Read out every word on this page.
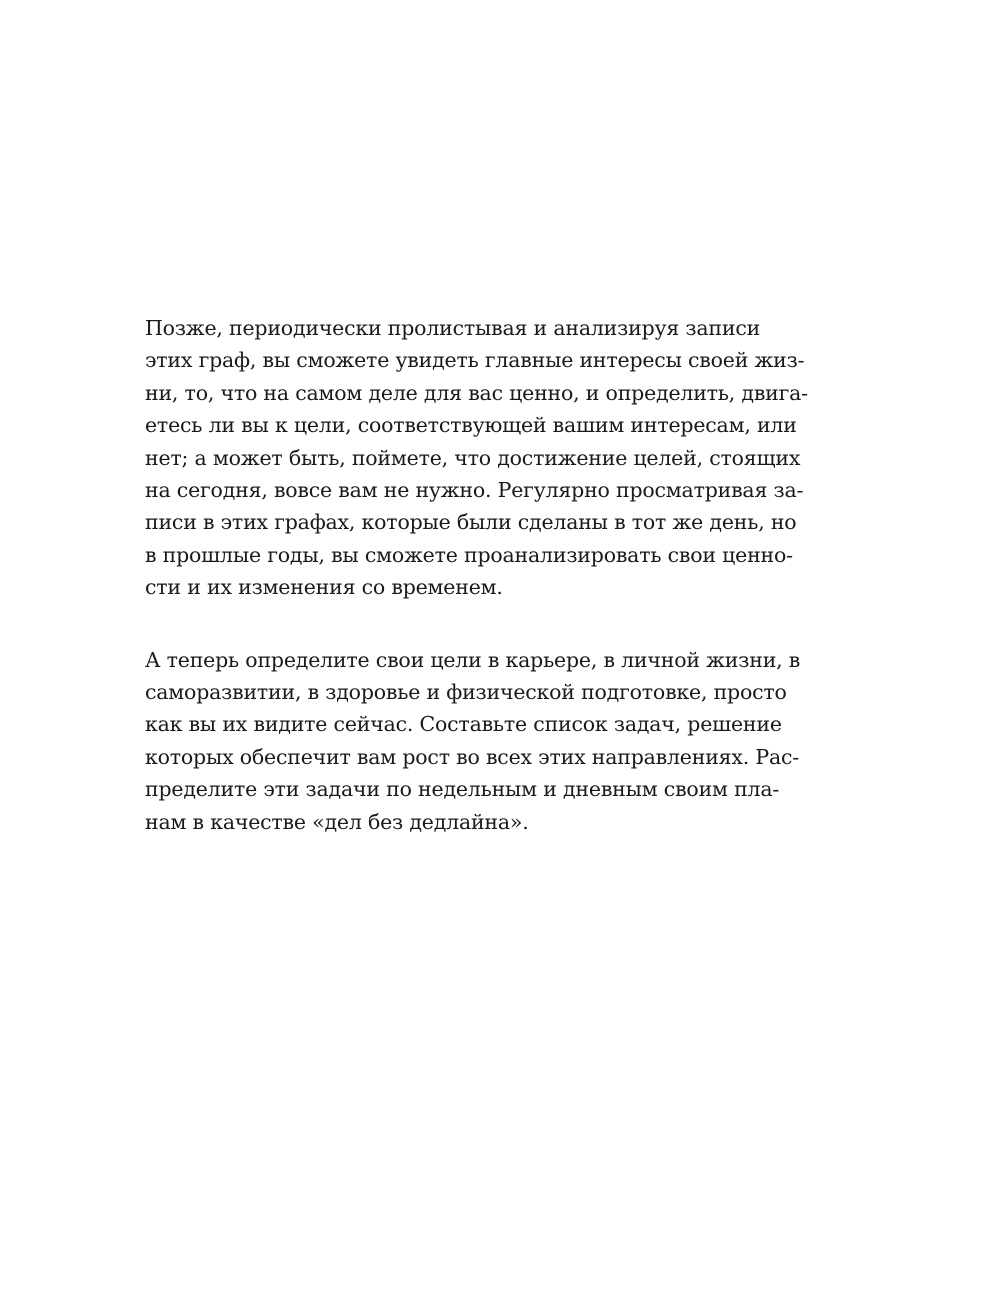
Позже, периодически пролистывая и анализируя записи
этих граф, вы сможете увидеть главные интересы своей жиз-
ни, то, что на самом деле для вас ценно, и определить, двига-
етесь ли вы к цели, соответствующей вашим интересам, или
нет; а может быть, поймете, что достижение целей, стоящих
на сегодня, вовсе вам не нужно. Регулярно просматривая за-
писи в этих графах, которые были сделаны в тот же день, но
в прошлые годы, вы сможете проанализировать свои ценно-
сти и их изменения со временем.

А теперь определите свои цели в карьере, в личной жизни, в
саморазвитии, в здоровье и физической подготовке, просто
как вы их видите сейчас. Составьте список задач, решение
которых обеспечит вам рост во всех этих направлениях. Рас-
пределите эти задачи по недельным и дневным своим пла-
нам в качестве «дел без дедлайна».
